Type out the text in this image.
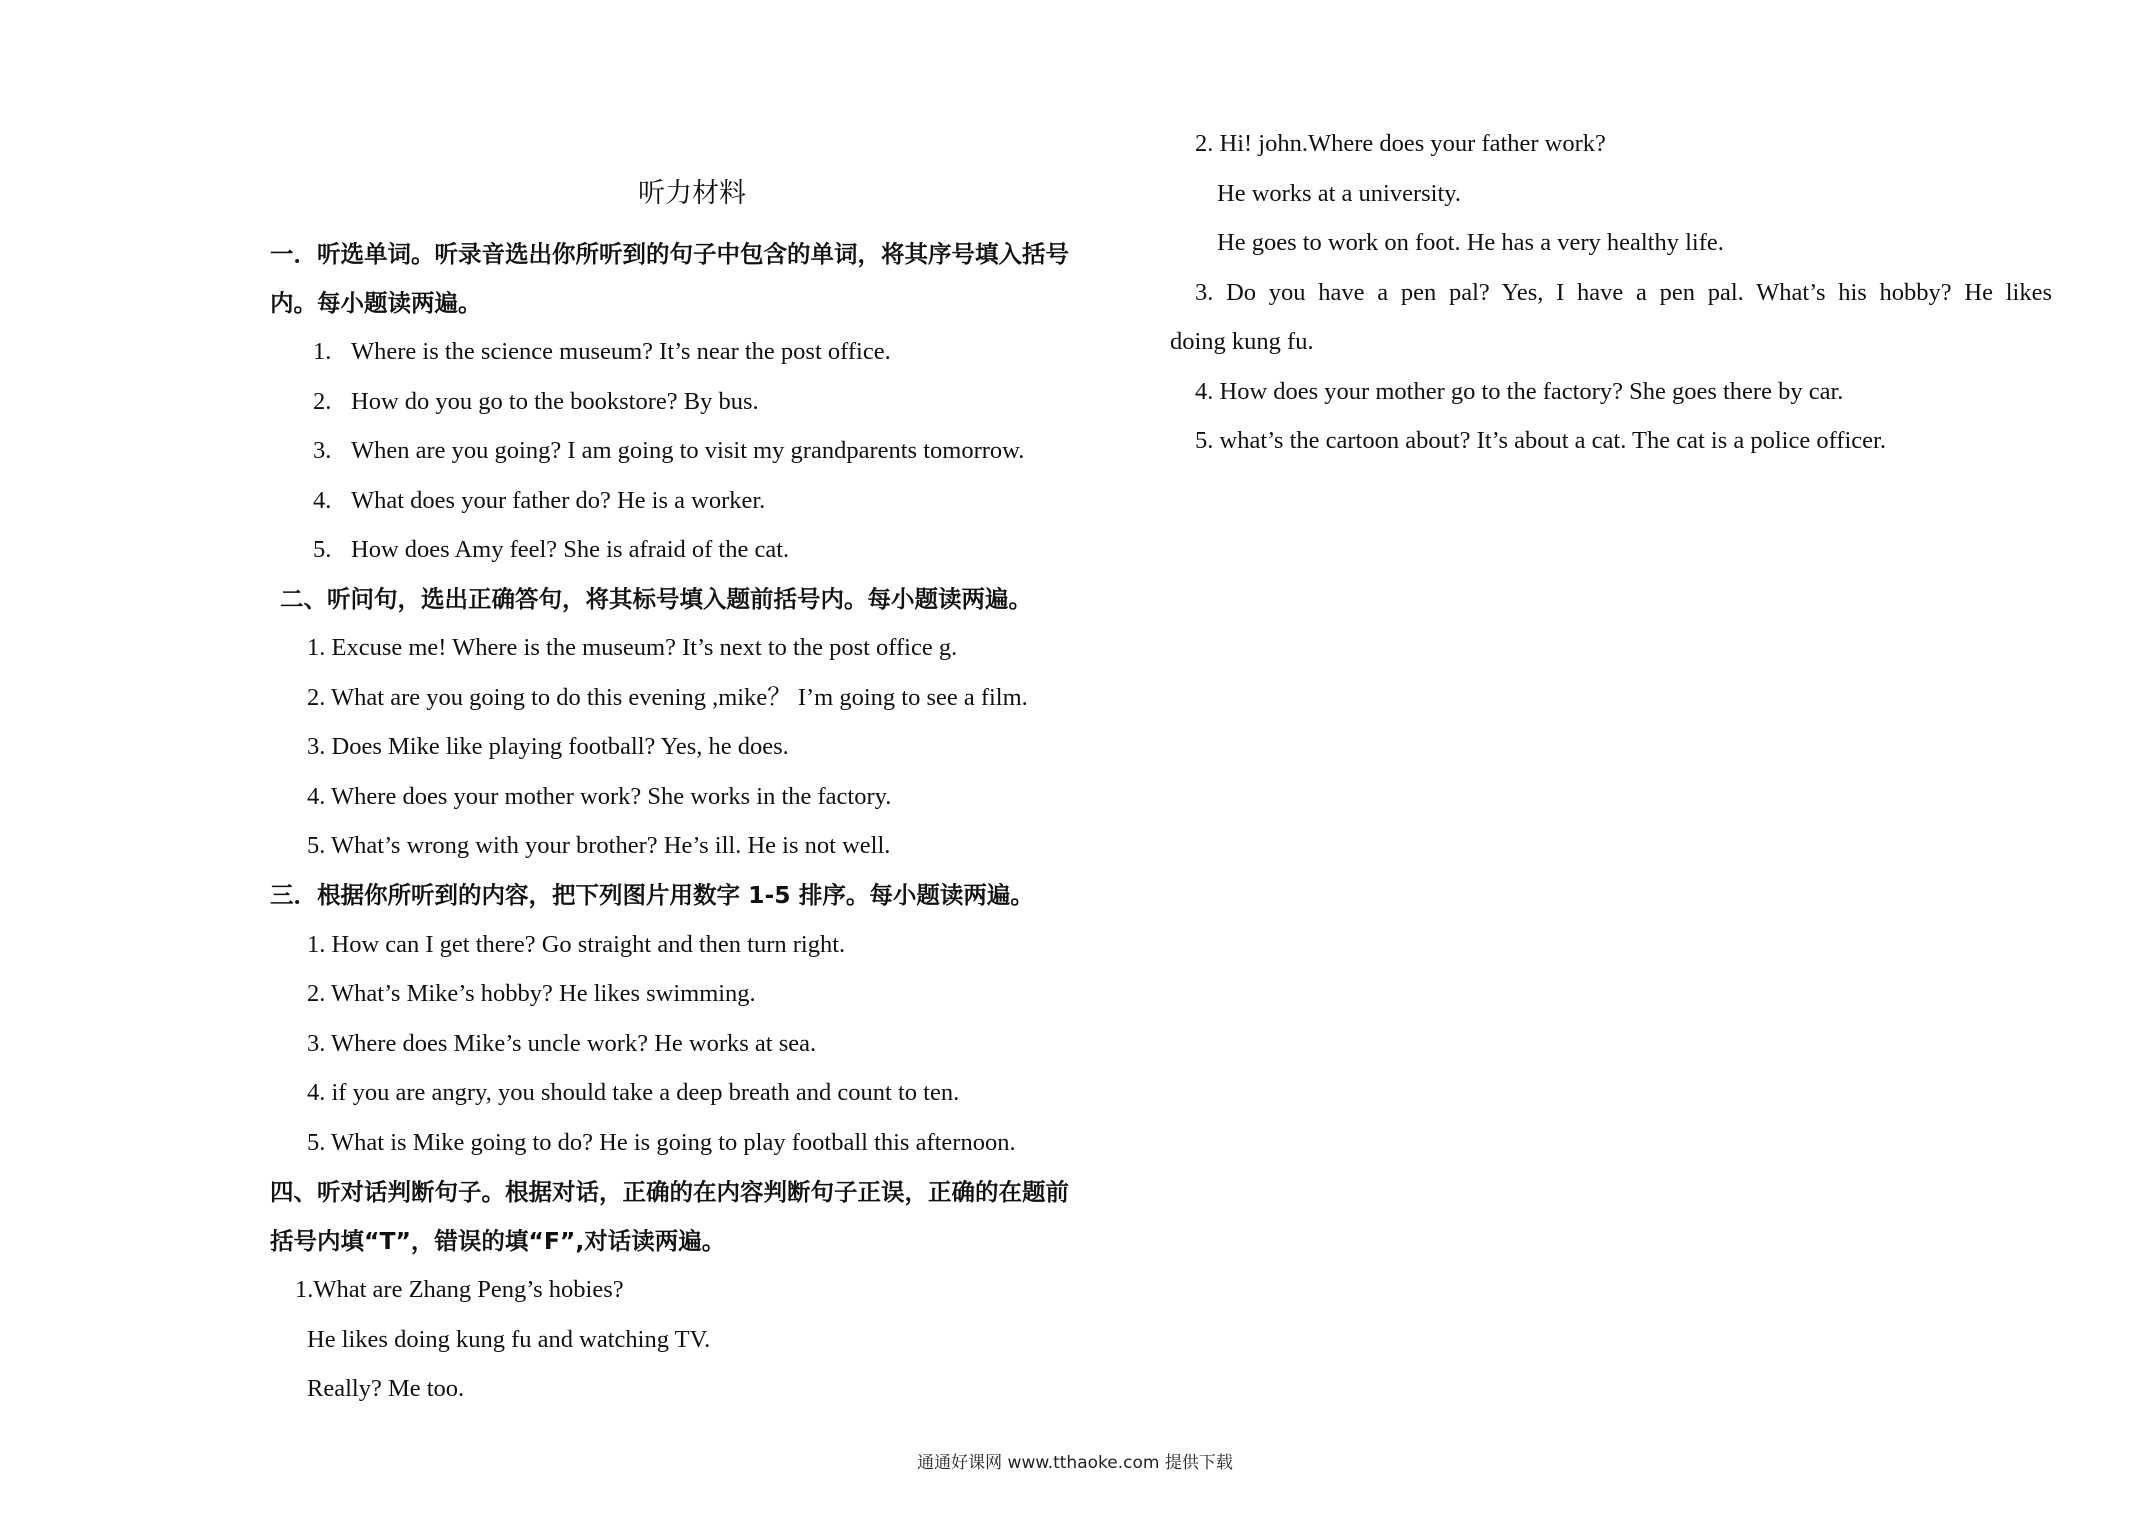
听力材料
一．听选单词。听录音选出你所听到的句子中包含的单词，将其序号填入括号
内。每小题读两遍。
1. Where is the science museum? It’s near the post office.
2. How do you go to the bookstore? By bus.
3. When are you going? I am going to visit my grandparents tomorrow.
4. What does your father do? He is a worker.
5. How does Amy feel? She is afraid of the cat.
二、听问句，选出正确答句，将其标号填入题前括号内。每小题读两遍。
1. Excuse me! Where is the museum? It’s next to the post office g.
2. What are you going to do this evening ,mike？ I’m going to see a film.
3. Does Mike like playing football? Yes, he does.
4. Where does your mother work? She works in the factory.
5. What’s wrong with your brother? He’s ill. He is not well.
三．根据你所听到的内容，把下列图片用数字 1-5 排序。每小题读两遍。
1. How can I get there? Go straight and then turn right.
2. What’s Mike’s hobby? He likes swimming.
3. Where does Mike’s uncle work? He works at sea.
4. if you are angry, you should take a deep breath and count to ten.
5. What is Mike going to do? He is going to play football this afternoon.
四、听对话判断句子。根据对话，正确的在内容判断句子正误，正确的在题前
括号内填“T”，错误的填“F”,对话读两遍。
1.What are Zhang Peng’s hobies?
He likes doing kung fu and watching TV.
Really? Me too.
2. Hi! john.Where does your father work?
He works at a university.
He goes to work on foot. He has a very healthy life.
3. Do you have a pen pal? Yes, I have a pen pal. What’s his hobby? He likes
doing kung fu.
4. How does your mother go to the factory? She goes there by car.
5. what’s the cartoon about? It’s about a cat. The cat is a police officer.
通通好课网 www.tthaoke.com 提供下载
